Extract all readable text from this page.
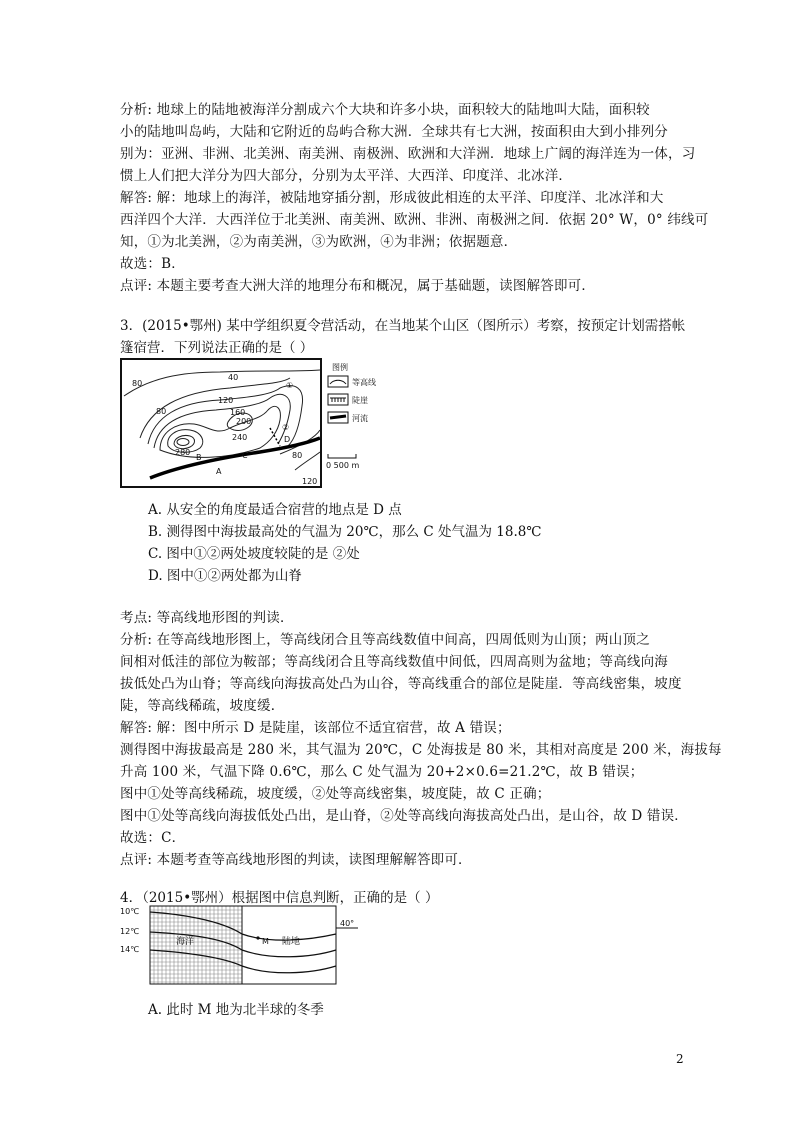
分析: 地球上的陆地被海洋分割成六个大块和许多小块，面积较大的陆地叫大陆，面积较
小的陆地叫岛屿，大陆和它附近的岛屿合称大洲．全球共有七大洲，按面积由大到小排列分
别为：亚洲、非洲、北美洲、南美洲、南极洲、欧洲和大洋洲．地球上广阔的海洋连为一体，习
惯上人们把大洋分为四大部分，分别为太平洋、大西洋、印度洋、北冰洋．
解答: 解：地球上的海洋，被陆地穿插分割，形成彼此相连的太平洋、印度洋、北冰洋和大
西洋四个大洋．大西洋位于北美洲、南美洲、欧洲、非洲、南极洲之间．依据 20° W，0° 纬线可
知，①为北美洲，②为南美洲，③为欧洲，④为非洲；依据题意．
故选：B．
点评: 本题主要考查大洲大洋的地理分布和概况，属于基础题，读图解答即可．
3．(2015•鄂州) 某中学组织夏令营活动，在当地某个山区（图所示）考察，按预定计划需搭帐
篷宿营．下列说法正确的是（ ）
80
40
80
120
160
200
240
280	80
120
A
B	C
D
①
②
图例
等高线
陡崖
河流
0 500 m
A. 从安全的角度最适合宿营的地点是 D 点
B. 测得图中海拔最高处的气温为 20℃，那么 C 处气温为 18.8℃
C. 图中①②两处坡度较陡的是 ②处
D. 图中①②两处都为山脊
考点: 等高线地形图的判读．
分析: 在等高线地形图上，等高线闭合且等高线数值中间高，四周低则为山顶；两山顶之
间相对低洼的部位为鞍部；等高线闭合且等高线数值中间低，四周高则为盆地；等高线向海
拔低处凸为山脊；等高线向海拔高处凸为山谷，等高线重合的部位是陡崖．等高线密集，坡度
陡，等高线稀疏，坡度缓．
解答: 解：图中所示 D 是陡崖，该部位不适宜宿营，故 A 错误；
测得图中海拔最高是 280 米，其气温为 20℃，C 处海拔是 80 米，其相对高度是 200 米，海拔每
升高 100 米，气温下降 0.6℃，那么 C 处气温为 20+2×0.6=21.2℃，故 B 错误；
图中①处等高线稀疏，坡度缓，②处等高线密集，坡度陡，故 C 正确；
图中①处等高线向海拔低处凸出，是山脊，②处等高线向海拔高处凸出，是山谷，故 D 错误．
故选：C．
点评: 本题考查等高线地形图的判读，读图理解解答即可．
4．（2015•鄂州）根据图中信息判断，正确的是（ ）
10℃
12℃
14℃
海洋	陆地
40°
M
A. 此时 M 地为北半球的冬季
2
